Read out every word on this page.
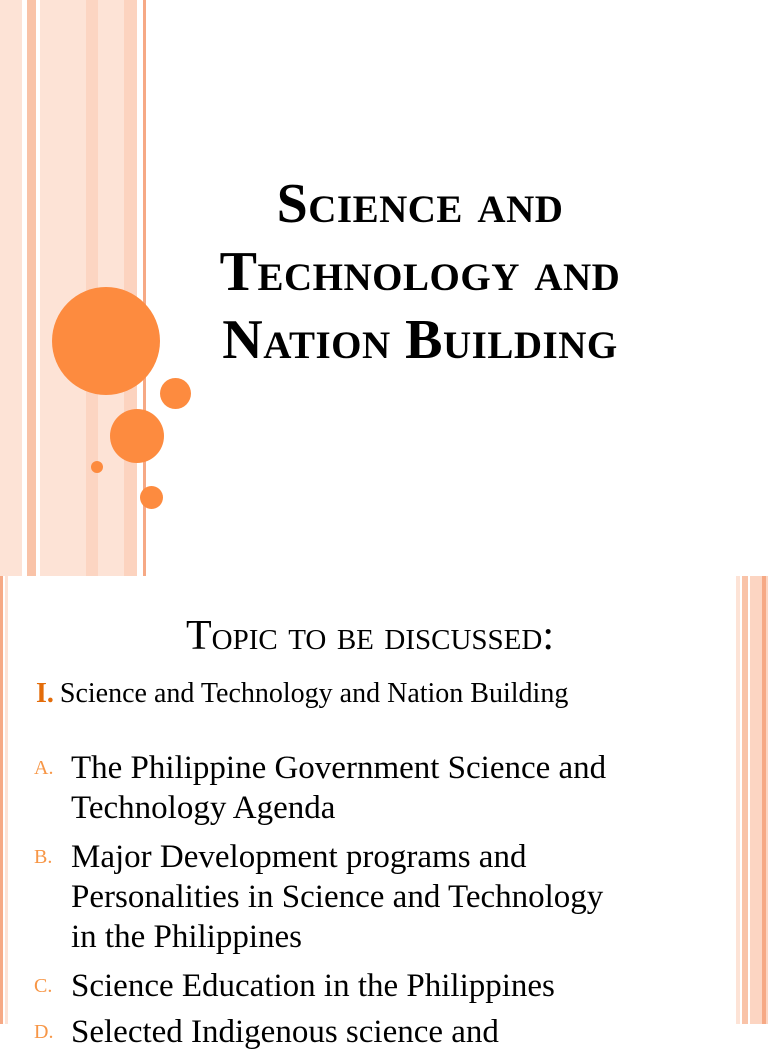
Science and
Technology and
Nation Building
Topic to be discussed:
I. Science and Technology and Nation Building
A. The Philippine Government Science and
Technology Agenda
B. Major Development programs and
Personalities in Science and Technology
in the Philippines
C. Science Education in the Philippines
D. Selected Indigenous science and
